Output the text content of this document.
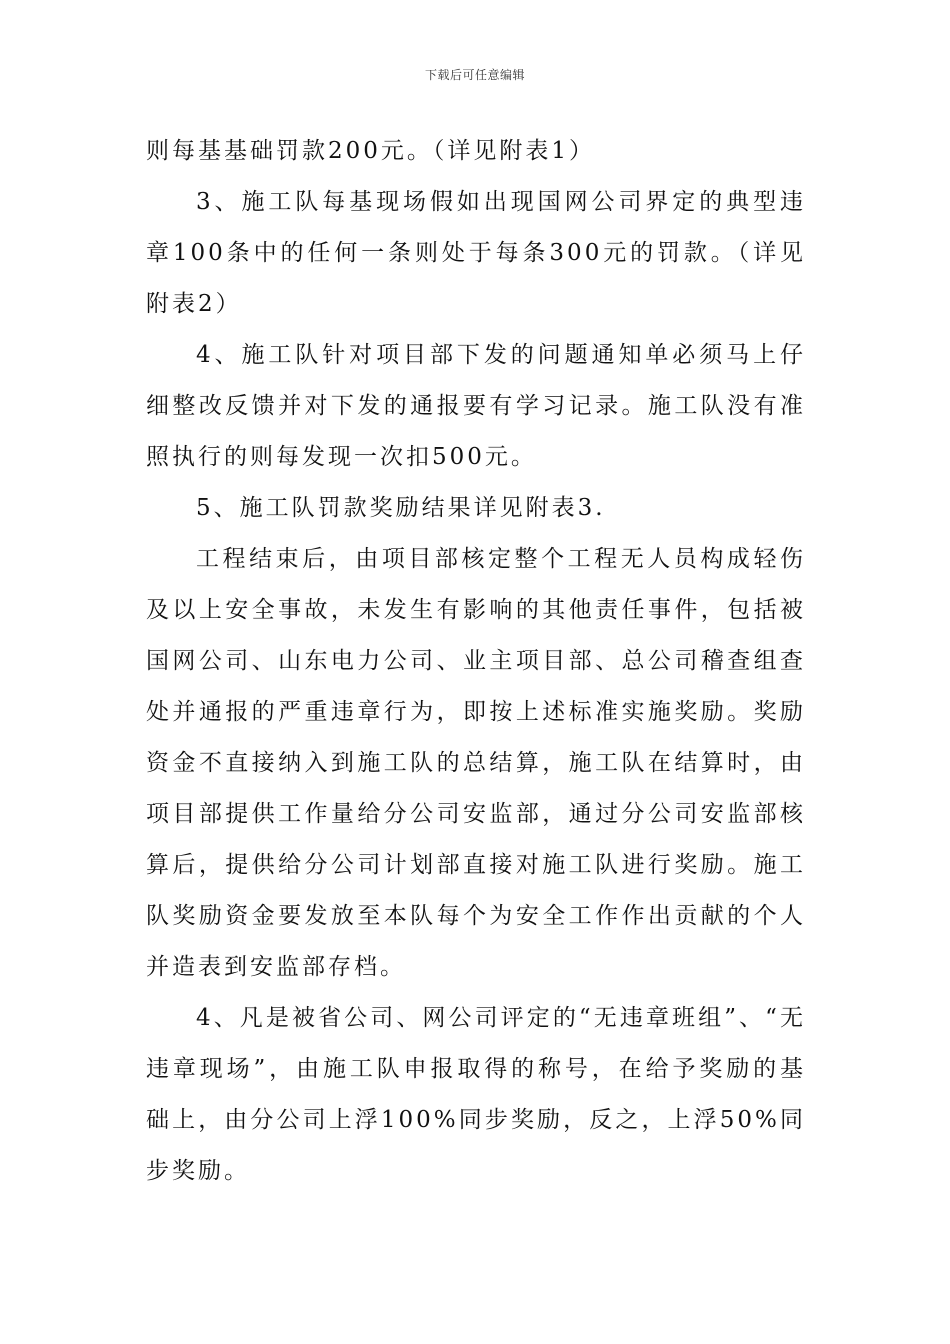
下载后可任意编辑

则每基基础罚款200元。（详见附表1）

3、施工队每基现场假如出现国网公司界定的典型违章100条中的任何一条则处于每条300元的罚款。（详见附表2）

4、施工队针对项目部下发的问题通知单必须马上仔细整改反馈并对下发的通报要有学习记录。施工队没有准照执行的则每发现一次扣500元。

5、施工队罚款奖励结果详见附表3.

工程结束后，由项目部核定整个工程无人员构成轻伤及以上安全事故，未发生有影响的其他责任事件，包括被国网公司、山东电力公司、业主项目部、总公司稽查组查处并通报的严重违章行为，即按上述标准实施奖励。奖励资金不直接纳入到施工队的总结算，施工队在结算时，由项目部提供工作量给分公司安监部，通过分公司安监部核算后，提供给分公司计划部直接对施工队进行奖励。施工队奖励资金要发放至本队每个为安全工作作出贡献的个人并造表到安监部存档。

4、凡是被省公司、网公司评定的“无违章班组”、“无违章现场”，由施工队申报取得的称号，在给予奖励的基础上，由分公司上浮100%同步奖励，反之，上浮50%同步奖励。
